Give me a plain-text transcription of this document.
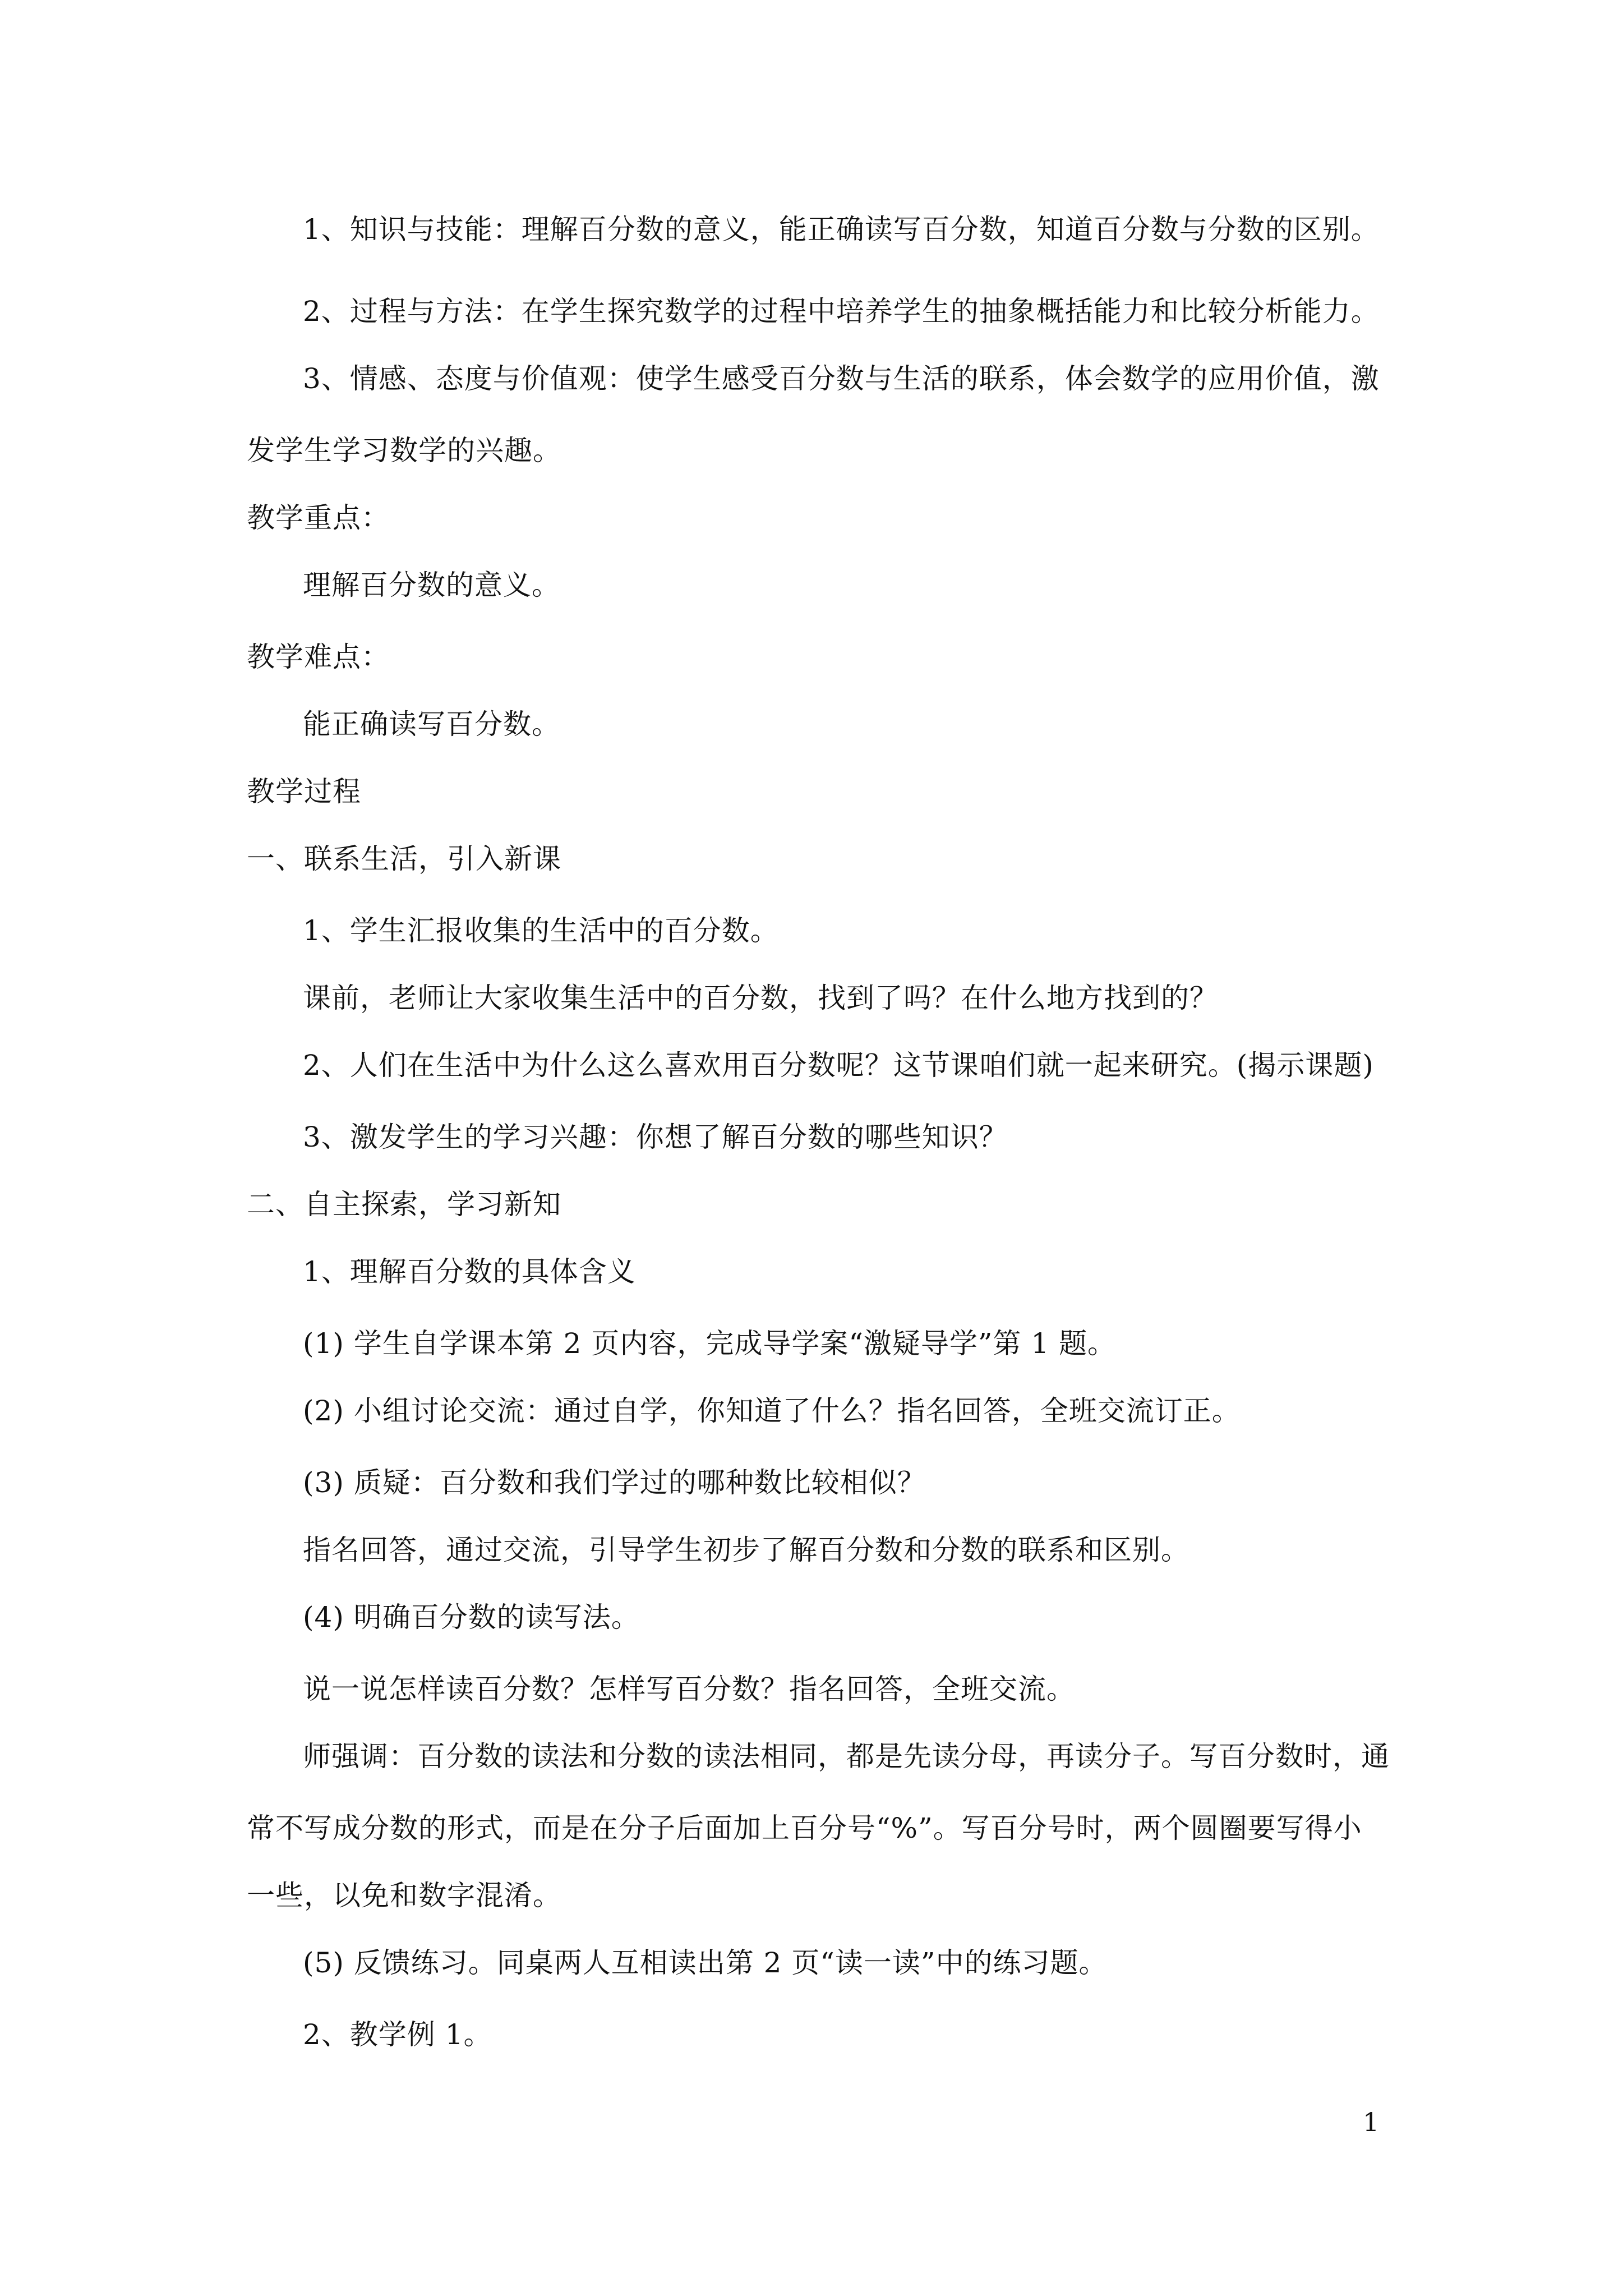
1、知识与技能：理解百分数的意义，能正确读写百分数，知道百分数与分数的区别。
2、过程与方法：在学生探究数学的过程中培养学生的抽象概括能力和比较分析能力。
3、情感、态度与价值观：使学生感受百分数与生活的联系，体会数学的应用价值，激
发学生学习数学的兴趣。
教学重点：
理解百分数的意义。
教学难点：
能正确读写百分数。
教学过程
一、联系生活，引入新课
1、学生汇报收集的生活中的百分数。
课前，老师让大家收集生活中的百分数，找到了吗？在什么地方找到的？
2、人们在生活中为什么这么喜欢用百分数呢？这节课咱们就一起来研究。(揭示课题)
3、激发学生的学习兴趣：你想了解百分数的哪些知识？
二、自主探索，学习新知
1、理解百分数的具体含义
(1) 学生自学课本第 2 页内容，完成导学案“激疑导学”第 1 题。
(2) 小组讨论交流：通过自学，你知道了什么？指名回答，全班交流订正。
(3) 质疑：百分数和我们学过的哪种数比较相似？
指名回答，通过交流，引导学生初步了解百分数和分数的联系和区别。
(4) 明确百分数的读写法。
说一说怎样读百分数？怎样写百分数？指名回答，全班交流。
师强调：百分数的读法和分数的读法相同，都是先读分母，再读分子。写百分数时，通
常不写成分数的形式，而是在分子后面加上百分号“%”。写百分号时，两个圆圈要写得小
一些，以免和数字混淆。
(5) 反馈练习。同桌两人互相读出第 2 页“读一读”中的练习题。
2、教学例 1。
1
